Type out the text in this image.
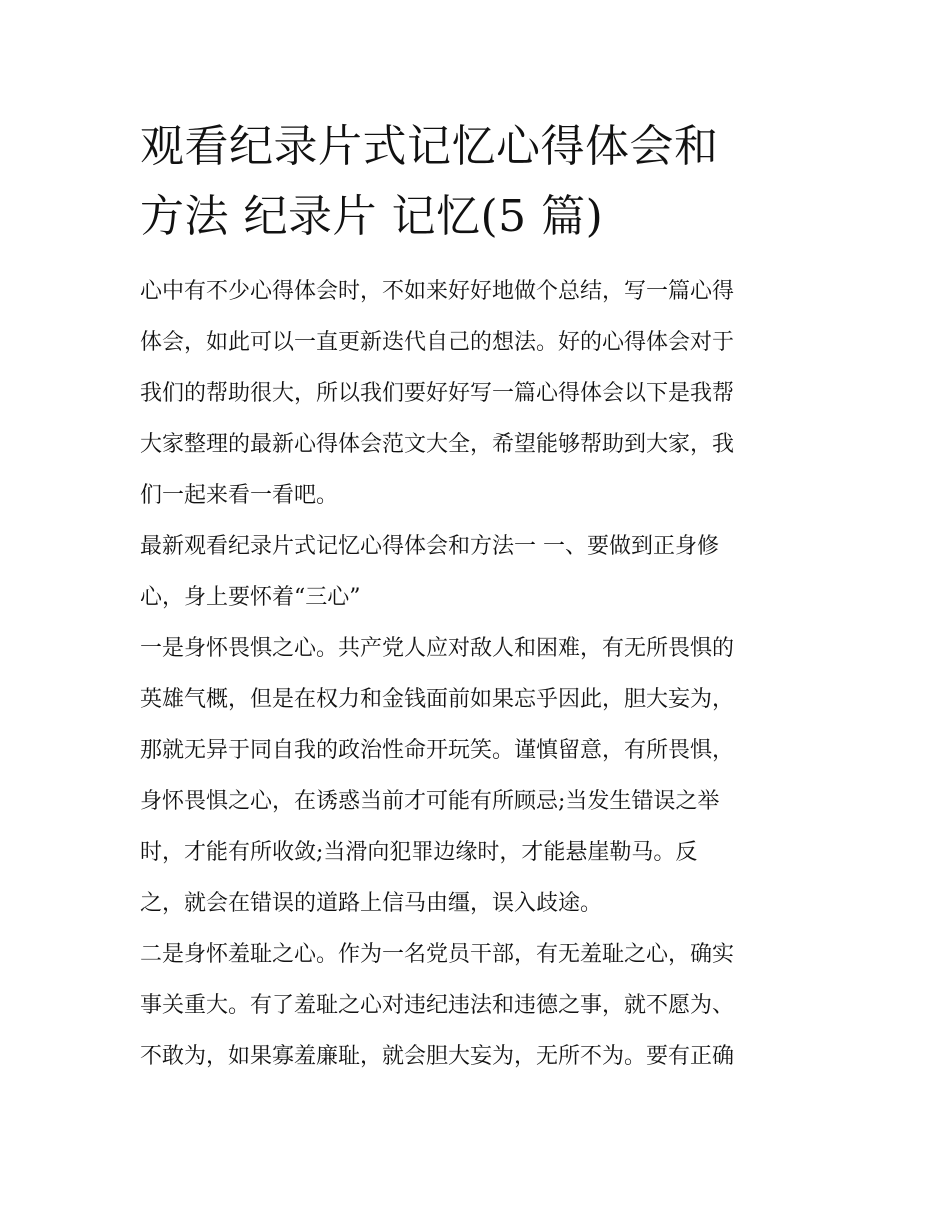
观看纪录片式记忆心得体会和
方法 纪录片 记忆(5 篇)

心中有不少心得体会时，不如来好好地做个总结，写一篇心得
体会，如此可以一直更新迭代自己的想法。好的心得体会对于
我们的帮助很大，所以我们要好好写一篇心得体会以下是我帮
大家整理的最新心得体会范文大全，希望能够帮助到大家，我
们一起来看一看吧。

最新观看纪录片式记忆心得体会和方法一 一、要做到正身修
心，身上要怀着“三心”

一是身怀畏惧之心。共产党人应对敌人和困难，有无所畏惧的
英雄气概，但是在权力和金钱面前如果忘乎因此，胆大妄为，
那就无异于同自我的政治性命开玩笑。谨慎留意，有所畏惧，
身怀畏惧之心，在诱惑当前才可能有所顾忌;当发生错误之举
时，才能有所收敛;当滑向犯罪边缘时，才能悬崖勒马。反
之，就会在错误的道路上信马由缰，误入歧途。

二是身怀羞耻之心。作为一名党员干部，有无羞耻之心，确实
事关重大。有了羞耻之心对违纪违法和违德之事，就不愿为、
不敢为，如果寡羞廉耻，就会胆大妄为，无所不为。要有正确
